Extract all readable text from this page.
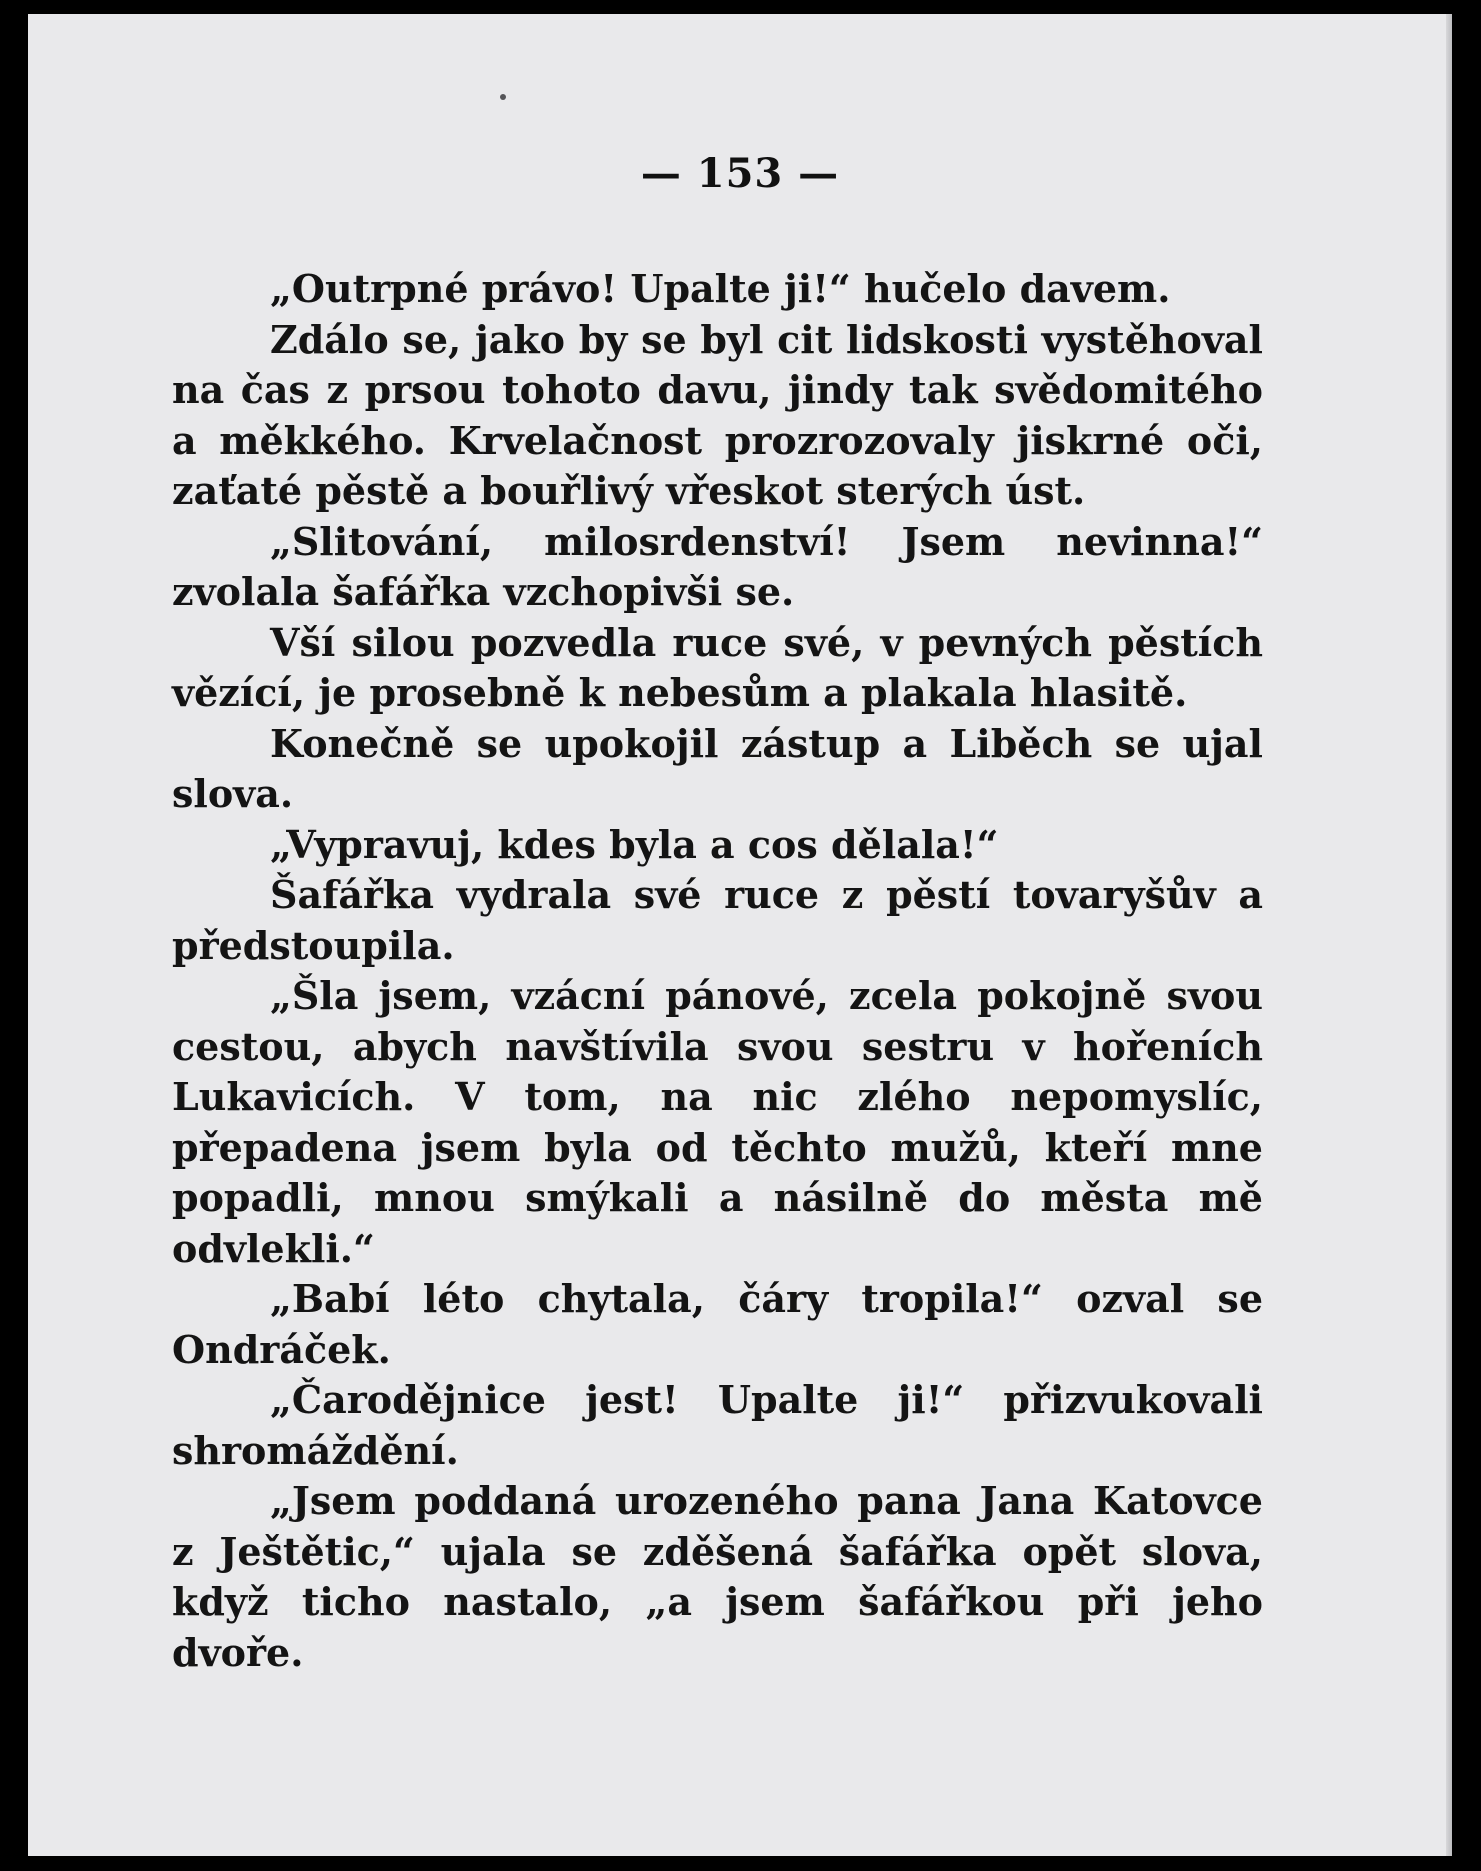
— 153 —

„Outrpné právo! Upalte ji!“ hučelo davem.

Zdálo se, jako by se byl cit lidskosti vystěhoval na čas z prsou tohoto davu, jindy tak svědomitého a měkkého. Krvelačnost prozrozovaly jiskrné oči, zaťaté pěstě a bouřlivý vřeskot sterých úst.

„Slitování, milosrdenství! Jsem nevinna!“ zvolala šafářka vzchopivši se.

Vší silou pozvedla ruce své, v pevných pěstích vězící, je prosebně k nebesům a plakala hlasitě.

Konečně se upokojil zástup a Liběch se ujal slova.

„Vypravuj, kdes byla a cos dělala!“

Šafářka vydrala své ruce z pěstí tovaryšův a předstoupila.

„Šla jsem, vzácní pánové, zcela pokojně svou cestou, abych navštívila svou sestru v hořeních Lukavicích. V tom, na nic zlého nepomyslíc, přepadena jsem byla od těchto mužů, kteří mne popadli, mnou smýkali a násilně do města mě odvlekli.“

„Babí léto chytala, čáry tropila!“ ozval se Ondráček.

„Čarodějnice jest! Upalte ji!“ přizvukovali shromáždění.

„Jsem poddaná urozeného pana Jana Katovce z Ještětic,“ ujala se zděšená šafářka opět slova, když ticho nastalo, „a jsem šafářkou při jeho dvoře.
